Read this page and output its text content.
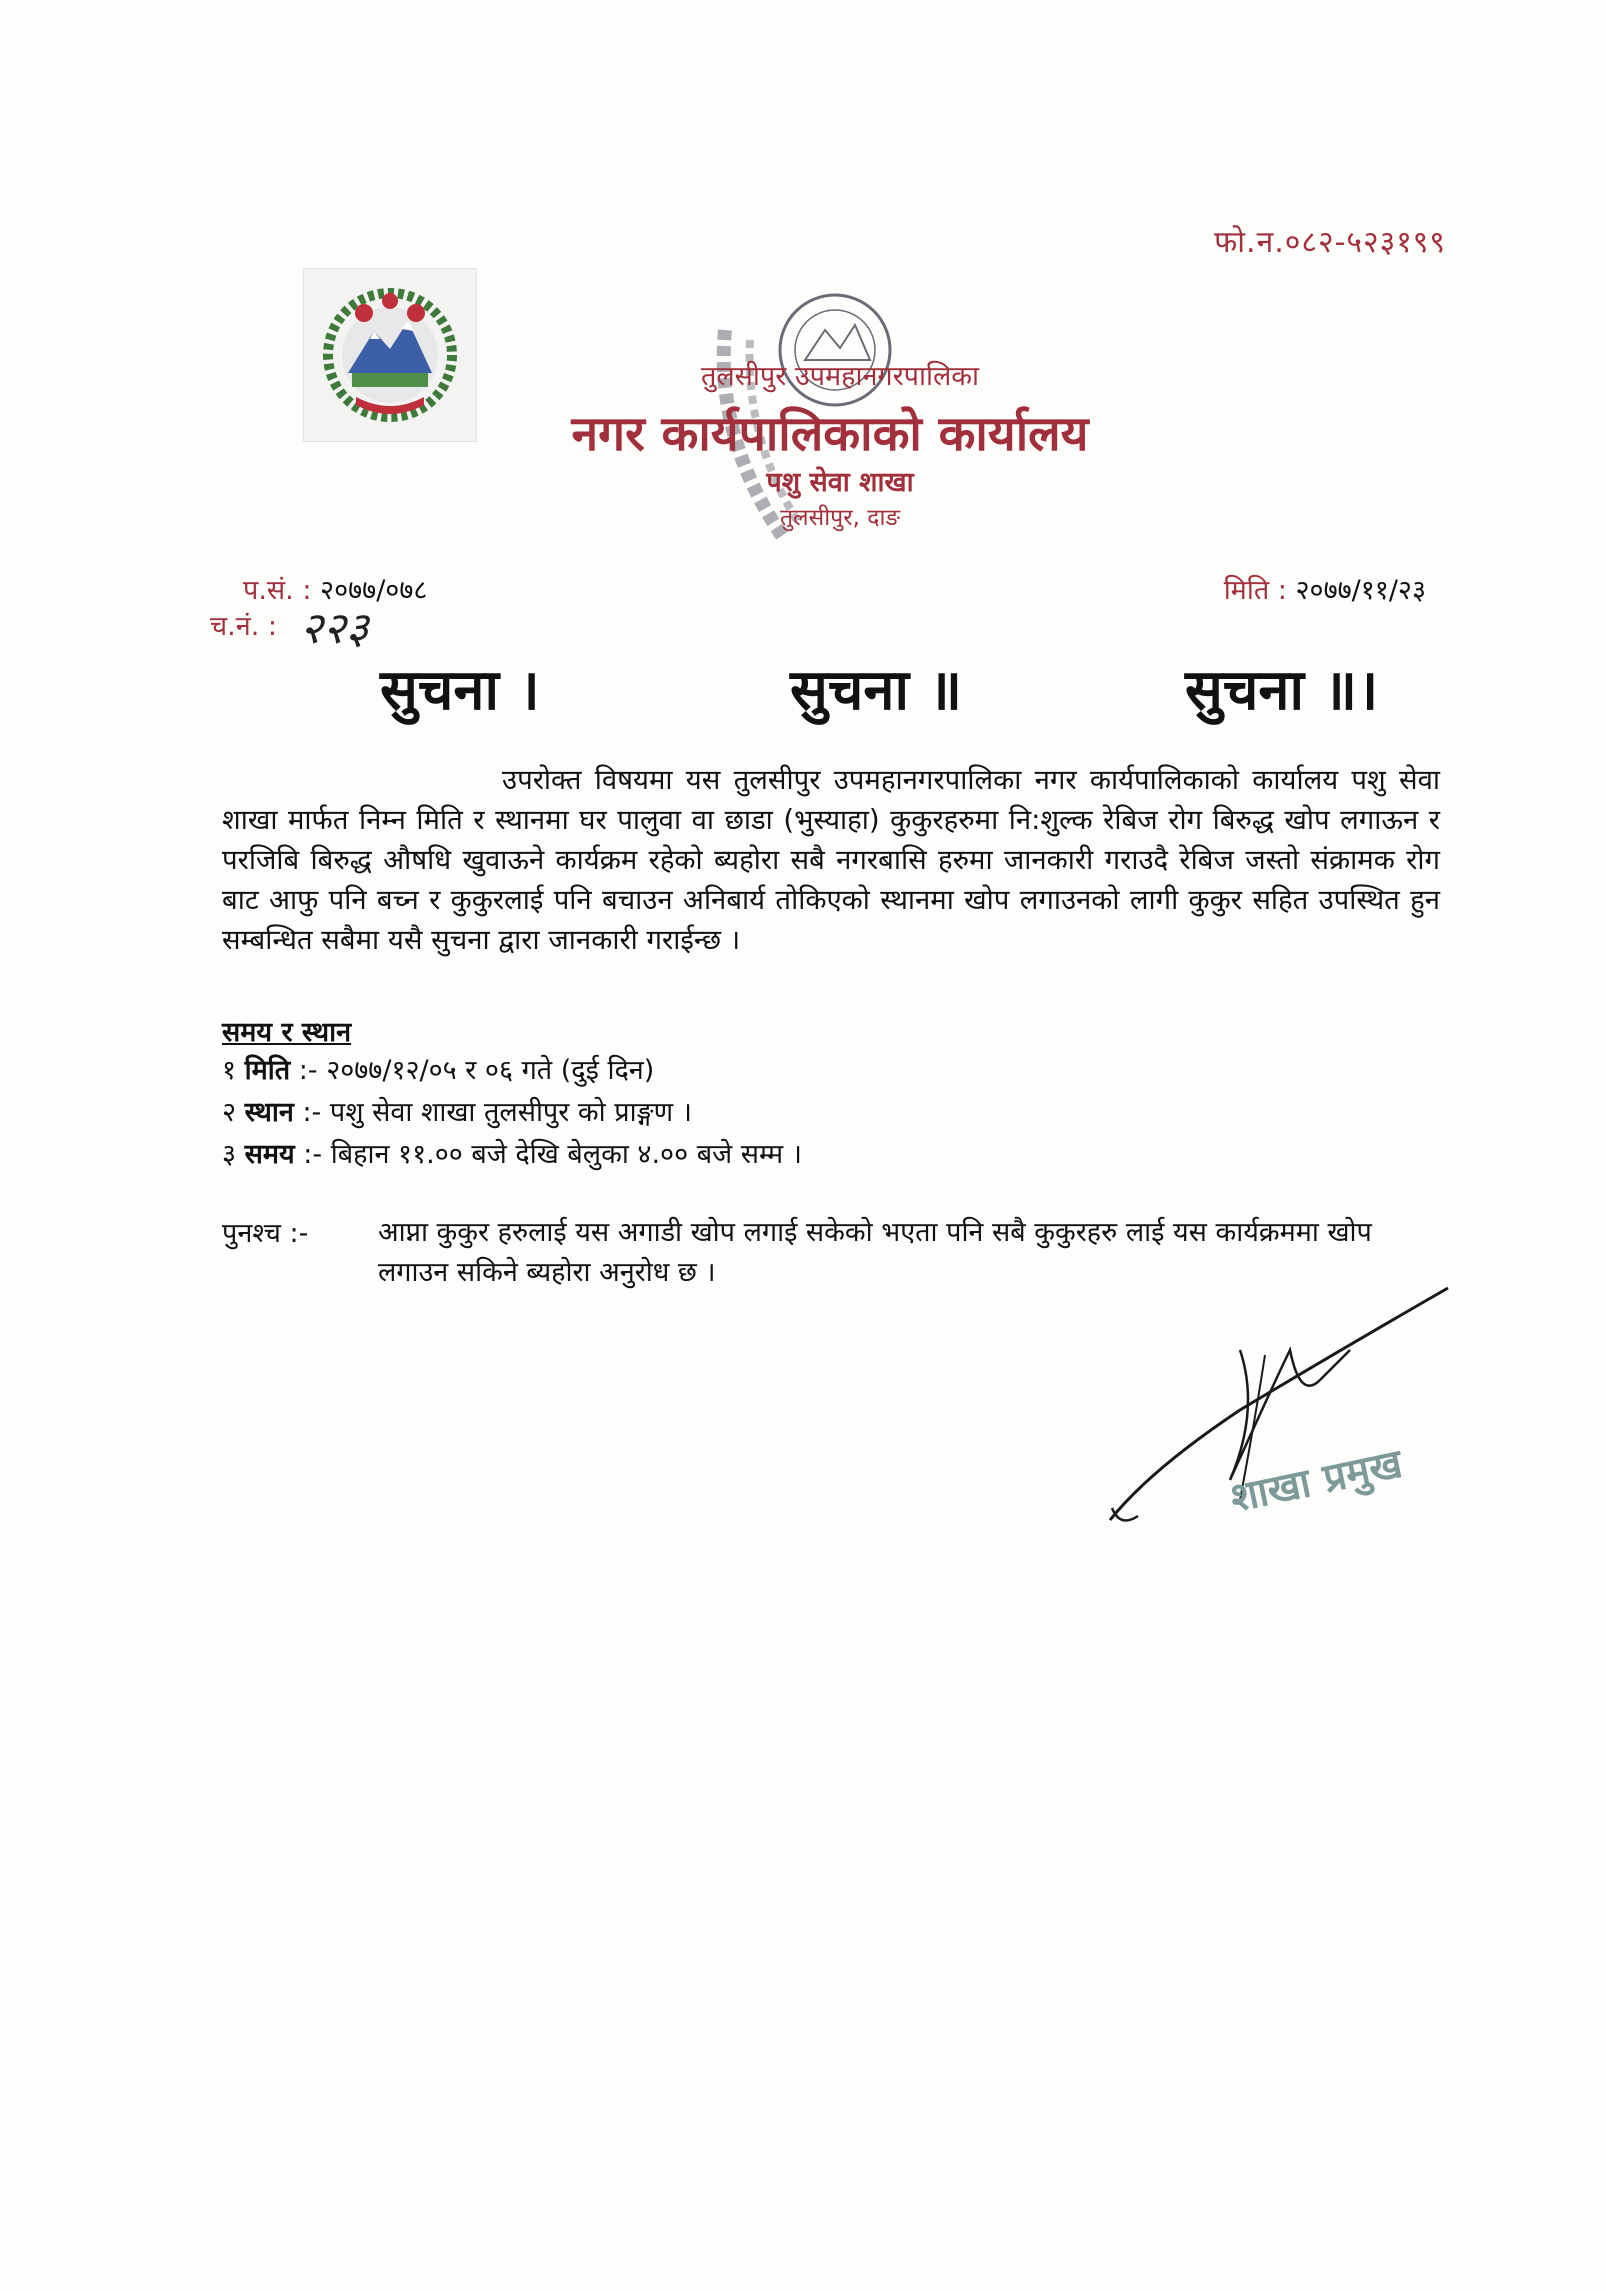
फो.न.०८२-५२३१९९
तुलसीपुर उपमहानगरपालिका
नगर कार्यपालिकाको कार्यालय
पशु सेवा शाखा
तुलसीपुर, दाङ
प.सं. : २०७७/०७८
च.नं. : २२३
मिति : २०७७/११/२३
सुचना ।	सुचना ॥	सुचना ॥।
उपरोक्त विषयमा यस तुलसीपुर उपमहानगरपालिका नगर कार्यपालिकाको कार्यालय पशु सेवा शाखा मार्फत निम्न मिति र स्थानमा घर पालुवा वा छाडा (भुस्याहा) कुकुरहरुमा नि:शुल्क रेबिज रोग बिरुद्ध खोप लगाऊन र परजिबि बिरुद्ध औषधि खुवाऊने कार्यक्रम रहेको ब्यहोरा सबै नगरबासि हरुमा जानकारी गराउदै रेबिज जस्तो संक्रामक रोग बाट आफु पनि बच्न र कुकुरलाई पनि बचाउन अनिबार्य तोकिएको स्थानमा खोप लगाउनको लागी कुकुर सहित उपस्थित हुन सम्बन्धित सबैमा यसै सुचना द्वारा जानकारी गराईन्छ ।
समय र स्थान
१ मिति :- २०७७/१२/०५ र ०६ गते (दुई दिन)
२ स्थान :- पशु सेवा शाखा तुलसीपुर को प्राङ्गण ।
३ समय :- बिहान ११.०० बजे देखि बेलुका ४.०० बजे सम्म ।
पुनश्च :-	आप्ना कुकुर हरुलाई यस अगाडी खोप लगाई सकेको भएता पनि सबै कुकुरहरु लाई यस कार्यक्रममा खोप लगाउन सकिने ब्यहोरा अनुरोध छ ।
शाखा प्रमुख
